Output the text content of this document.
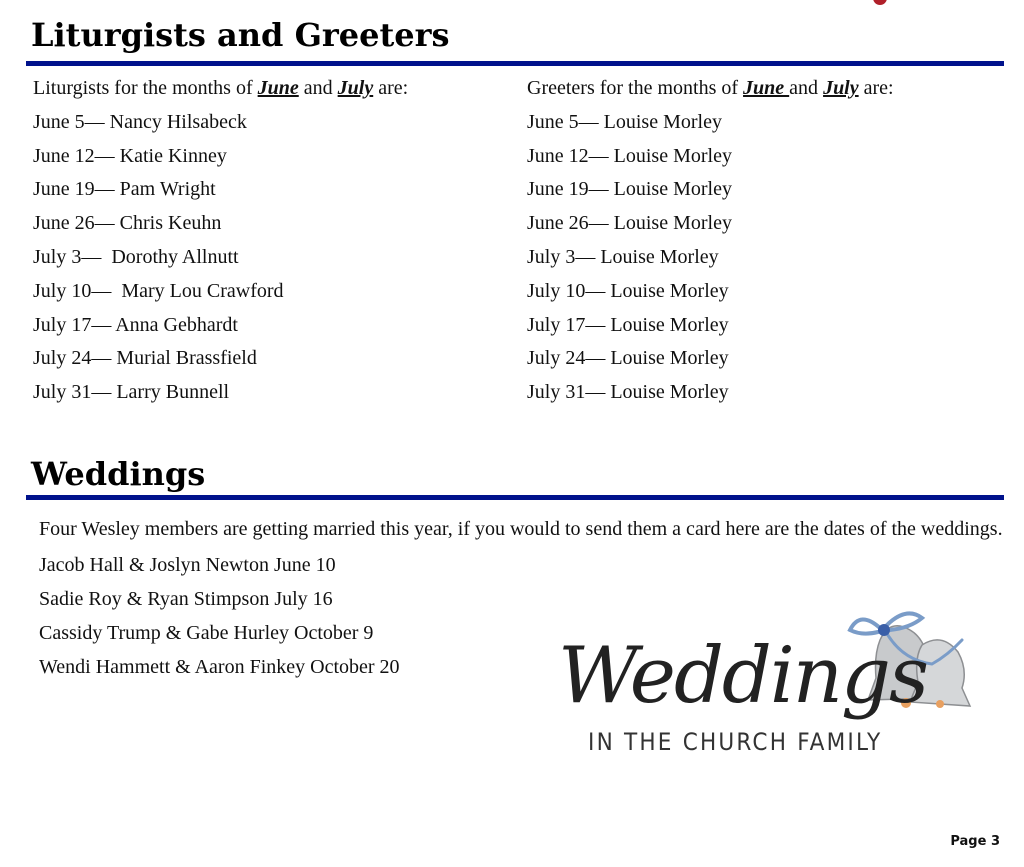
Liturgists and Greeters
Liturgists for the months of June and July are:
June 5— Nancy Hilsabeck
June 12— Katie Kinney
June 19— Pam Wright
June 26— Chris Keuhn
July 3—  Dorothy Allnutt
July 10—  Mary Lou Crawford
July 17— Anna Gebhardt
July 24— Murial Brassfield
July 31— Larry Bunnell
Greeters for the months of June and July are:
June 5— Louise Morley
June 12— Louise Morley
June 19— Louise Morley
June 26— Louise Morley
July 3— Louise Morley
July 10— Louise Morley
July 17— Louise Morley
July 24— Louise Morley
July 31— Louise Morley
Weddings

Four Wesley members are getting married this year, if you would to send them a card here are the dates of the weddings.

Jacob Hall & Joslyn Newton June 10
Sadie Roy & Ryan Stimpson July 16
Cassidy Trump & Gabe Hurley October 9
Wendi Hammett & Aaron Finkey October 20	Weddings
IN THE CHURCH FAMILY
Page 3
